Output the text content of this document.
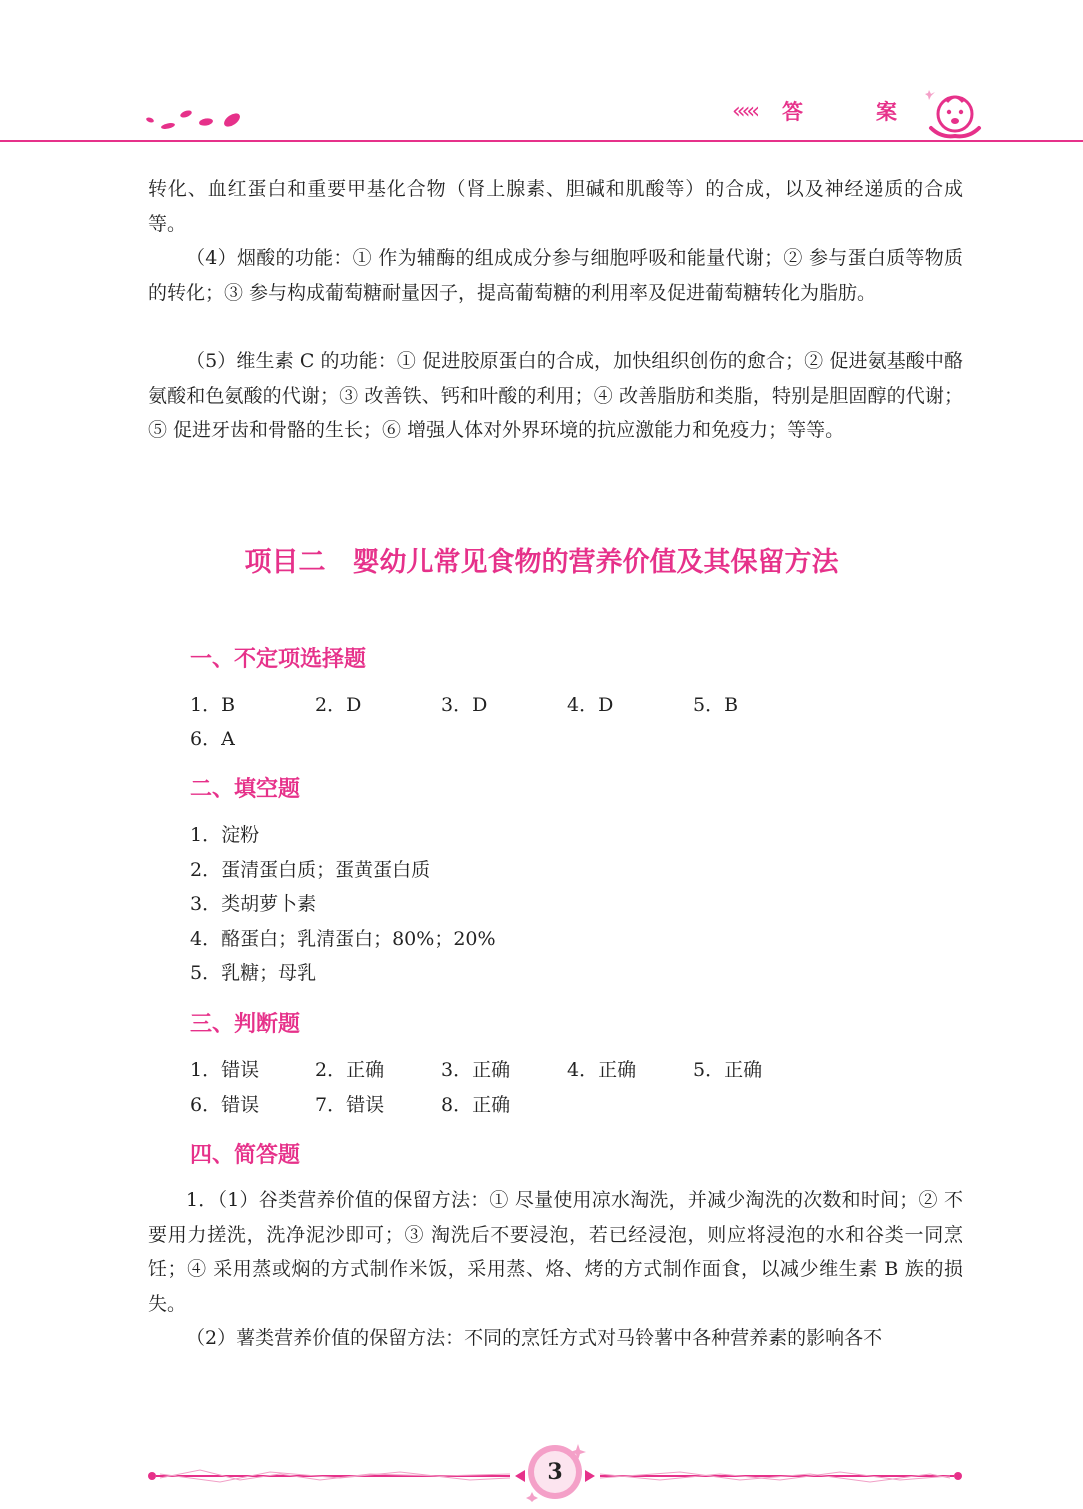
‹‹‹‹‹ 答　案

转化、血红蛋白和重要甲基化合物（肾上腺素、胆碱和肌酸等）的合成，以及神经递质的合成等。

（4）烟酸的功能：① 作为辅酶的组成成分参与细胞呼吸和能量代谢；② 参与蛋白质等物质的转化；③ 参与构成葡萄糖耐量因子，提高葡萄糖的利用率及促进葡萄糖转化为脂肪。

（5）维生素 C 的功能：① 促进胶原蛋白的合成，加快组织创伤的愈合；② 促进氨基酸中酪氨酸和色氨酸的代谢；③ 改善铁、钙和叶酸的利用；④ 改善脂肪和类脂，特别是胆固醇的代谢；⑤ 促进牙齿和骨骼的生长；⑥ 增强人体对外界环境的抗应激能力和免疫力；等等。

项目二　婴幼儿常见食物的营养价值及其保留方法
一、不定项选择题
1．B	2．D	3．D	4．D	5．B
6．A
二、填空题

1．淀粉

2．蛋清蛋白质；蛋黄蛋白质

3．类胡萝卜素

4．酪蛋白；乳清蛋白；80%；20%

5．乳糖；母乳

三、判断题
1．错误	2．正确	3．正确	4．正确	5．正确
6．错误	7．错误	8．正确
四、简答题

1．（1）谷类营养价值的保留方法：① 尽量使用凉水淘洗，并减少淘洗的次数和时间；② 不要用力搓洗，洗净泥沙即可；③ 淘洗后不要浸泡，若已经浸泡，则应将浸泡的水和谷类一同烹饪；④ 采用蒸或焖的方式制作米饭，采用蒸、烙、烤的方式制作面食，以减少维生素 B 族的损失。

（2）薯类营养价值的保留方法：不同的烹饪方式对马铃薯中各种营养素的影响各不

3
